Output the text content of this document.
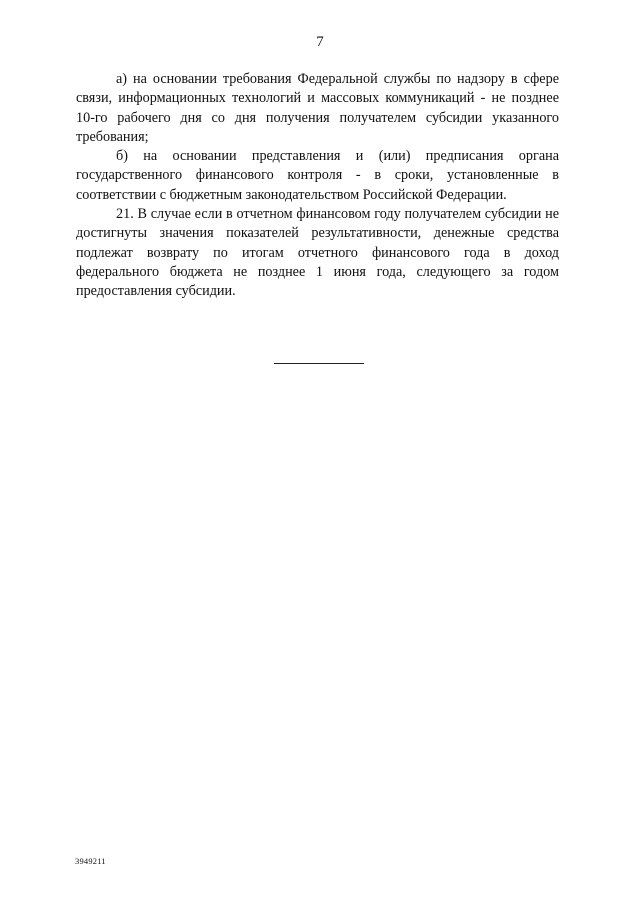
7

а) на основании требования Федеральной службы по надзору в сфере связи, информационных технологий и массовых коммуникаций - не позднее 10-го рабочего дня со дня получения получателем субсидии указанного требования;

б) на основании представления и (или) предписания органа государственного финансового контроля - в сроки, установленные в соответствии с бюджетным законодательством Российской Федерации.

21. В случае если в отчетном финансовом году получателем субсидии не достигнуты значения показателей результативности, денежные средства подлежат возврату по итогам отчетного финансового года в доход федерального бюджета не позднее 1 июня года, следующего за годом предоставления субсидии.

3949211
